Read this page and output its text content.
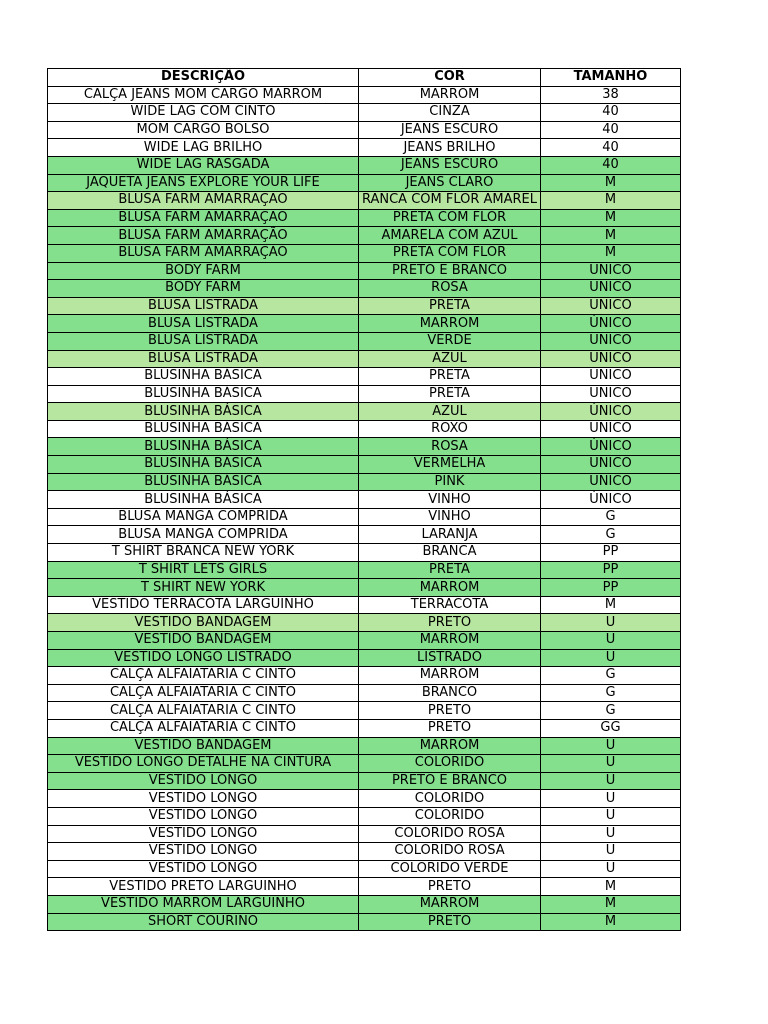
DESCRIÇÃO	COR	TAMANHO
CALÇA JEANS MOM CARGO MARROM	MARROM	38
WIDE LAG COM CINTO	CINZA	40
MOM CARGO BOLSO	JEANS ESCURO	40
WIDE LAG BRILHO	JEANS BRILHO	40
WIDE LAG RASGADA	JEANS ESCURO	40
JAQUETA JEANS EXPLORE YOUR LIFE	JEANS CLARO	M
BLUSA FARM AMARRAÇÃO	RANCA COM FLOR AMAREL	M
BLUSA FARM AMARRAÇÃO	PRETA COM FLOR	M
BLUSA FARM AMARRAÇÃO	AMARELA COM AZUL	M
BLUSA FARM AMARRAÇÃO	PRETA COM FLOR	M
BODY FARM	PRETO E BRANCO	ÚNICO
BODY FARM	ROSA	ÚNICO
BLUSA LISTRADA	PRETA	ÚNICO
BLUSA LISTRADA	MARROM	ÚNICO
BLUSA LISTRADA	VERDE	ÚNICO
BLUSA LISTRADA	AZUL	ÚNICO
BLUSINHA BÁSICA	PRETA	ÚNICO
BLUSINHA BÁSICA	PRETA	ÚNICO
BLUSINHA BÁSICA	AZUL	ÚNICO
BLUSINHA BÁSICA	ROXO	ÚNICO
BLUSINHA BÁSICA	ROSA	ÚNICO
BLUSINHA BÁSICA	VERMELHA	ÚNICO
BLUSINHA BÁSICA	PINK	ÚNICO
BLUSINHA BÁSICA	VINHO	ÚNICO
BLUSA MANGA COMPRIDA	VINHO	G
BLUSA MANGA COMPRIDA	LARANJA	G
T SHIRT BRANCA NEW YORK	BRANCA	PP
T SHIRT LETS GIRLS	PRETA	PP
T SHIRT NEW YORK	MARROM	PP
VESTIDO TERRACOTA LARGUINHO	TERRACOTA	M
VESTIDO BANDAGEM	PRETO	U
VESTIDO BANDAGEM	MARROM	U
VESTIDO LONGO LISTRADO	LISTRADO	U
CALÇA ALFAIATARIA C CINTO	MARROM	G
CALÇA ALFAIATARIA C CINTO	BRANCO	G
CALÇA ALFAIATARIA C CINTO	PRETO	G
CALÇA ALFAIATARIA C CINTO	PRETO	GG
VESTIDO BANDAGEM	MARROM	U
VESTIDO LONGO DETALHE NA CINTURA	COLORIDO	U
VESTIDO LONGO	PRETO E BRANCO	U
VESTIDO LONGO	COLORIDO	U
VESTIDO LONGO	COLORIDO	U
VESTIDO LONGO	COLORIDO ROSA	U
VESTIDO LONGO	COLORIDO ROSA	U
VESTIDO LONGO	COLORIDO VERDE	U
VESTIDO PRETO LARGUINHO	PRETO	M
VESTIDO MARROM LARGUINHO	MARROM	M
SHORT COURINO	PRETO	M
